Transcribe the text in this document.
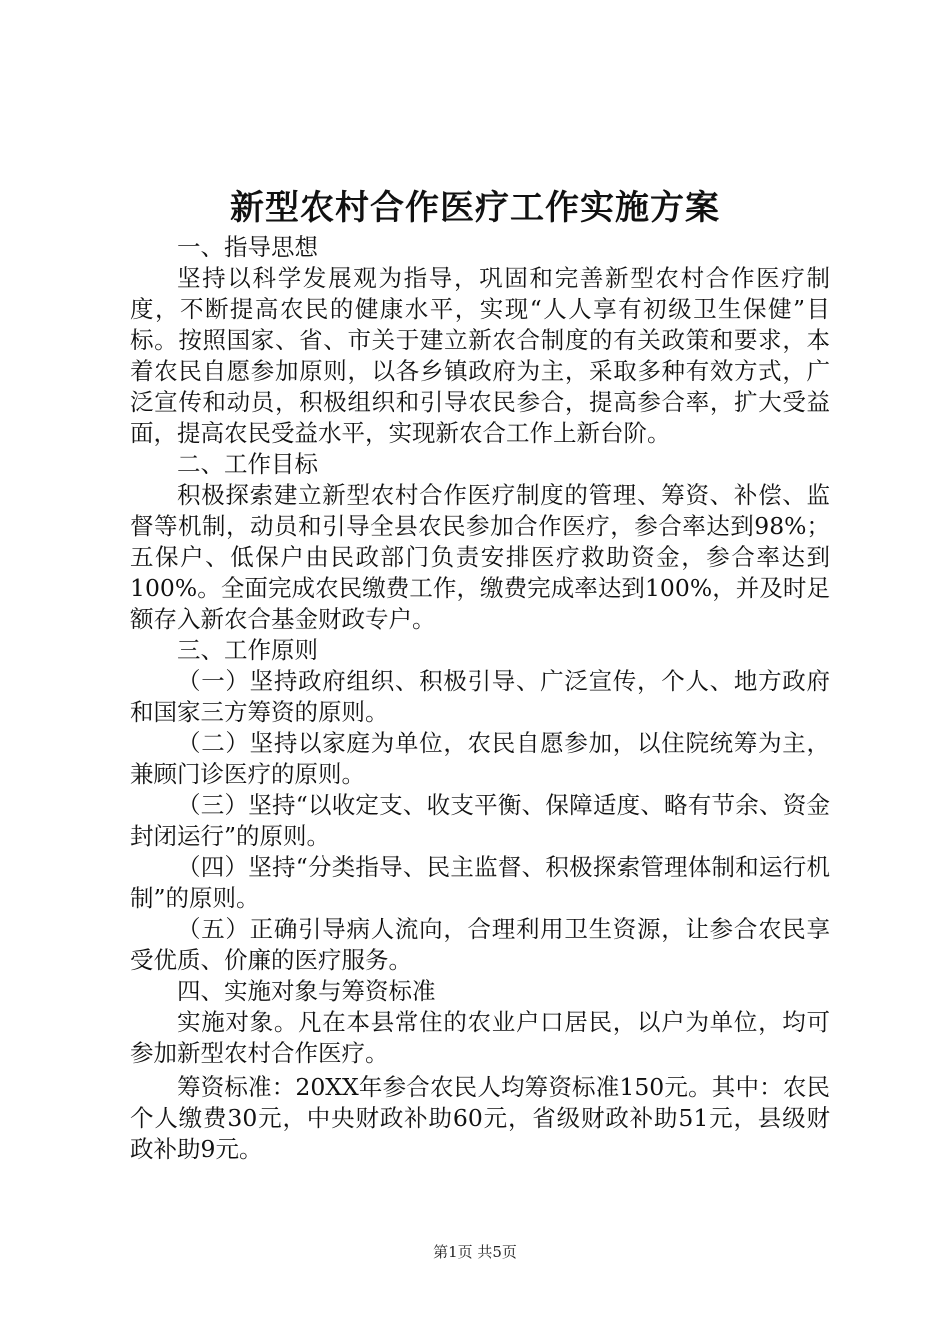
新型农村合作医疗工作实施方案

一、指导思想

坚持以科学发展观为指导，巩固和完善新型农村合作医疗制度，不断提高农民的健康水平，实现“人人享有初级卫生保健”目标。按照国家、省、市关于建立新农合制度的有关政策和要求，本着农民自愿参加原则，以各乡镇政府为主，采取多种有效方式，广泛宣传和动员，积极组织和引导农民参合，提高参合率，扩大受益面，提高农民受益水平，实现新农合工作上新台阶。

二、工作目标

积极探索建立新型农村合作医疗制度的管理、筹资、补偿、监督等机制，动员和引导全县农民参加合作医疗，参合率达到98%；五保户、低保户由民政部门负责安排医疗救助资金，参合率达到100%。全面完成农民缴费工作，缴费完成率达到100%，并及时足额存入新农合基金财政专户。

三、工作原则

（一）坚持政府组织、积极引导、广泛宣传，个人、地方政府和国家三方筹资的原则。

（二）坚持以家庭为单位，农民自愿参加，以住院统筹为主，兼顾门诊医疗的原则。

（三）坚持“以收定支、收支平衡、保障适度、略有节余、资金封闭运行”的原则。

（四）坚持“分类指导、民主监督、积极探索管理体制和运行机制”的原则。

（五）正确引导病人流向，合理利用卫生资源，让参合农民享受优质、价廉的医疗服务。

四、实施对象与筹资标准

实施对象。凡在本县常住的农业户口居民，以户为单位，均可参加新型农村合作医疗。

筹资标准：20XX年参合农民人均筹资标准150元。其中：农民个人缴费30元，中央财政补助60元，省级财政补助51元，县级财政补助9元。

第1页 共5页
